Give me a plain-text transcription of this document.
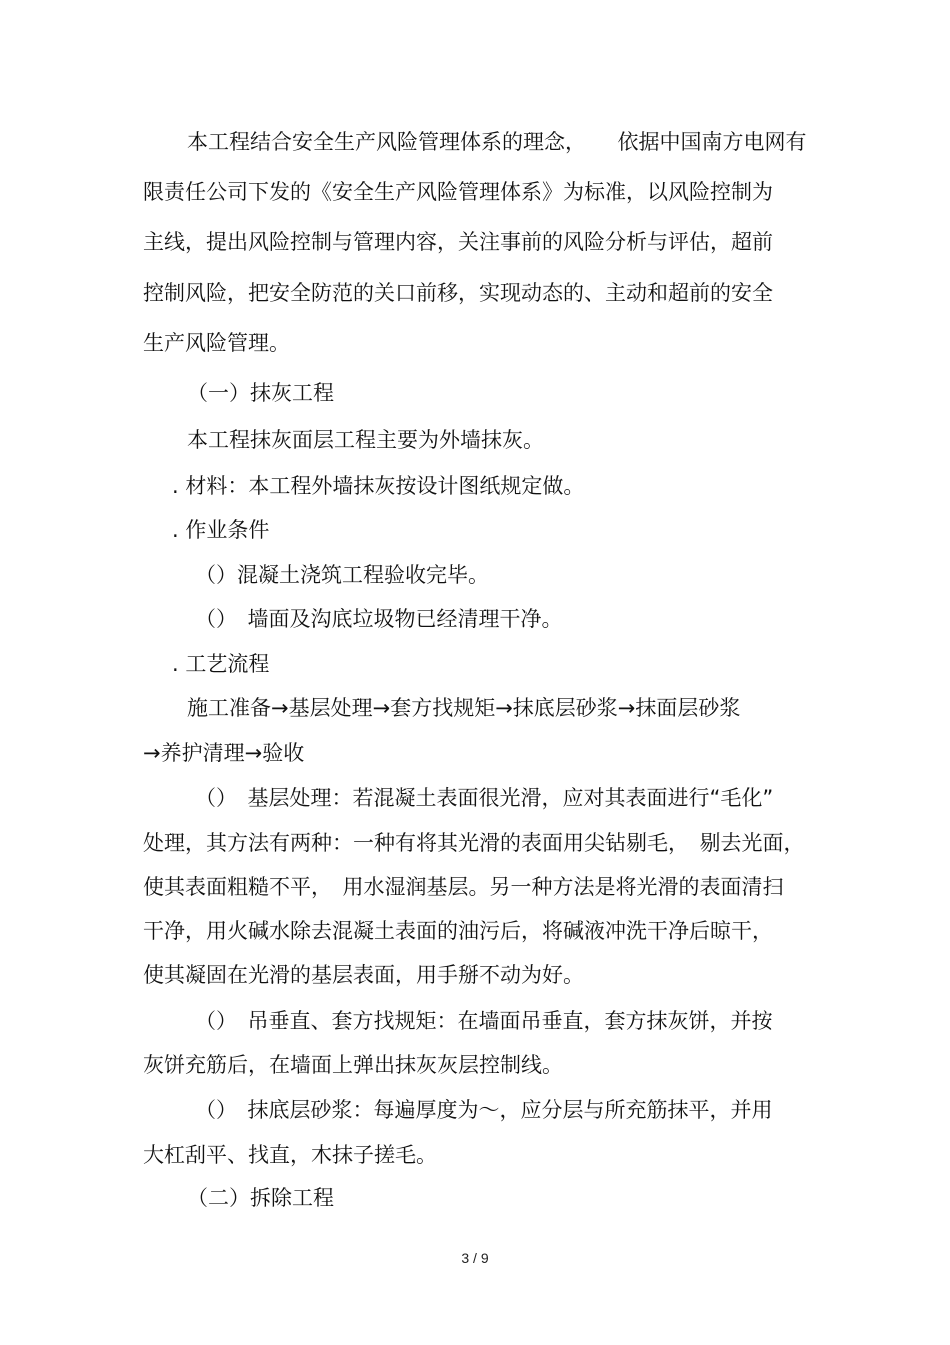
本工程结合安全生产风险管理体系的理念，　　依据中国南方电网有
限责任公司下发的《安全生产风险管理体系》为标准，以风险控制为
主线，提出风险控制与管理内容，关注事前的风险分析与评估，超前
控制风险，把安全防范的关口前移，实现动态的、主动和超前的安全
生产风险管理。
（一）抹灰工程
本工程抹灰面层工程主要为外墙抹灰。
. 材料：本工程外墙抹灰按设计图纸规定做。
. 作业条件
（）混凝土浇筑工程验收完毕。
（）　墙面及沟底垃圾物已经清理干净。
. 工艺流程
施工准备→基层处理→套方找规矩→抹底层砂浆→抹面层砂浆
→养护清理→验收
（）　基层处理：若混凝土表面很光滑，应对其表面进行“毛化”
处理，其方法有两种：一种有将其光滑的表面用尖钻剔毛，　剔去光面，
使其表面粗糙不平，　用水湿润基层。另一种方法是将光滑的表面清扫
干净，用火碱水除去混凝土表面的油污后，将碱液冲洗干净后晾干，
使其凝固在光滑的基层表面，用手掰不动为好。
（）　吊垂直、套方找规矩：在墙面吊垂直，套方抹灰饼，并按
灰饼充筋后，在墙面上弹出抹灰灰层控制线。
（）　抹底层砂浆：每遍厚度为～，应分层与所充筋抹平，并用
大杠刮平、找直，木抹子搓毛。
（二）拆除工程
3 / 9
